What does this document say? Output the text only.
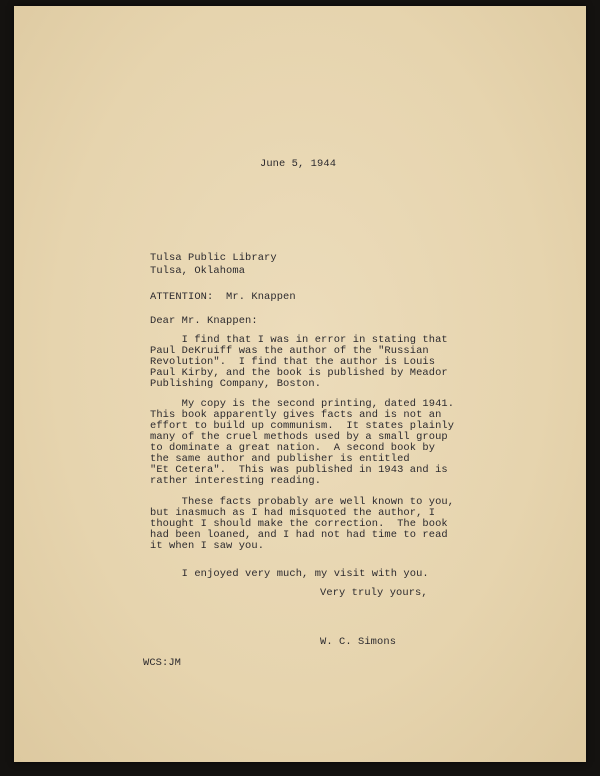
June 5, 1944
Tulsa Public Library
Tulsa, Oklahoma
ATTENTION:  Mr. Knappen
Dear Mr. Knappen:
I find that I was in error in stating that
Paul DeKruiff was the author of the "Russian
Revolution".  I find that the author is Louis
Paul Kirby, and the book is published by Meador
Publishing Company, Boston.
My copy is the second printing, dated 1941.
This book apparently gives facts and is not an
effort to build up communism.  It states plainly
many of the cruel methods used by a small group
to dominate a great nation.  A second book by
the same author and publisher is entitled
"Et Cetera".  This was published in 1943 and is
rather interesting reading.
These facts probably are well known to you,
but inasmuch as I had misquoted the author, I
thought I should make the correction.  The book
had been loaned, and I had not had time to read
it when I saw you.
I enjoyed very much, my visit with you.
Very truly yours,
W. C. Simons
WCS:JM
